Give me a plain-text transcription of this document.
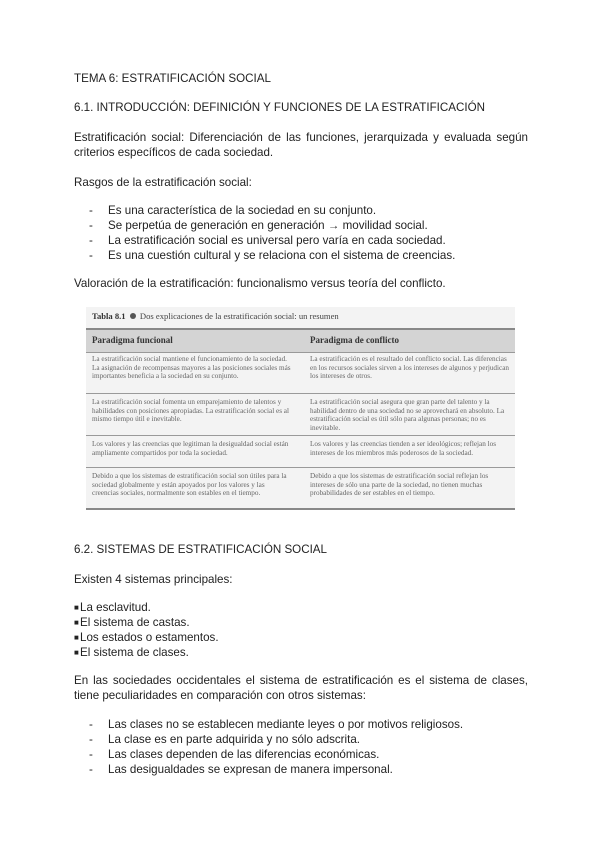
TEMA 6: ESTRATIFICACIÓN SOCIAL
6.1. INTRODUCCIÓN: DEFINICIÓN Y FUNCIONES DE LA ESTRATIFICACIÓN
Estratificación social: Diferenciación de las funciones, jerarquizada y evaluada según criterios específicos de cada sociedad.
Rasgos de la estratificación social:
- Es una característica de la sociedad en su conjunto.
- Se perpetúa de generación en generación → movilidad social.
- La estratificación social es universal pero varía en cada sociedad.
- Es una cuestión cultural y se relaciona con el sistema de creencias.
Valoración de la estratificación: funcionalismo versus teoría del conflicto.
Tabla 8.1 Dos explicaciones de la estratificación social: un resumen
Paradigma funcional	Paradigma de conflicto
La estratificación social mantiene el funcionamiento de la sociedad. La asignación de recompensas mayores a las posiciones sociales más importantes beneficia a la sociedad en su conjunto.
La estratificación es el resultado del conflicto social. Las diferencias en los recursos sociales sirven a los intereses de algunos y perjudican los intereses de otros.
La estratificación social fomenta un emparejamiento de talentos y habilidades con posiciones apropiadas. La estratificación social es al mismo tiempo útil e inevitable.
La estratificación social asegura que gran parte del talento y la habilidad dentro de una sociedad no se aprovechará en absoluto. La estratificación social es útil sólo para algunas personas; no es inevitable.
Los valores y las creencias que legitiman la desigualdad social están ampliamente compartidos por toda la sociedad.
Los valores y las creencias tienden a ser ideológicos; reflejan los intereses de los miembros más poderosos de la sociedad.
Debido a que los sistemas de estratificación social son útiles para la sociedad globalmente y están apoyados por los valores y las creencias sociales, normalmente son estables en el tiempo.
Debido a que los sistemas de estratificación social reflejan los intereses de sólo una parte de la sociedad, no tienen muchas probabilidades de ser estables en el tiempo.
6.2. SISTEMAS DE ESTRATIFICACIÓN SOCIAL
Existen 4 sistemas principales:
■La esclavitud.
■El sistema de castas.
■Los estados o estamentos.
■El sistema de clases.
En las sociedades occidentales el sistema de estratificación es el sistema de clases, tiene peculiaridades en comparación con otros sistemas:
- Las clases no se establecen mediante leyes o por motivos religiosos.
- La clase es en parte adquirida y no sólo adscrita.
- Las clases dependen de las diferencias económicas.
- Las desigualdades se expresan de manera impersonal.
